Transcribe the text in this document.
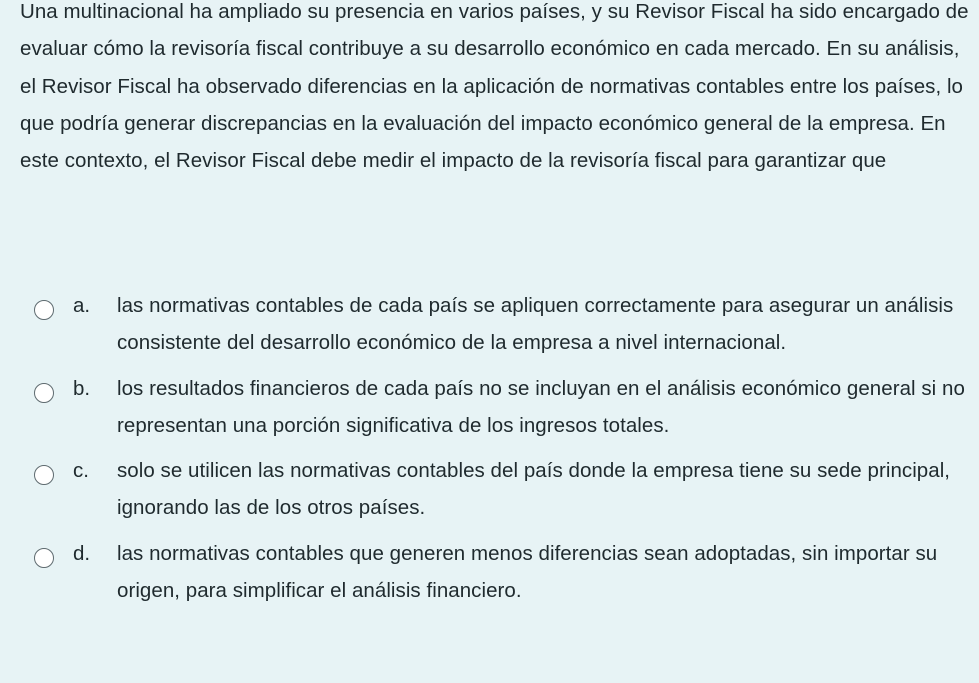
Una multinacional ha ampliado su presencia en varios países, y su Revisor Fiscal ha sido encargado de evaluar cómo la revisoría fiscal contribuye a su desarrollo económico en cada mercado. En su análisis, el Revisor Fiscal ha observado diferencias en la aplicación de normativas contables entre los países, lo que podría generar discrepancias en la evaluación del impacto económico general de la empresa. En este contexto, el Revisor Fiscal debe medir el impacto de la revisoría fiscal para garantizar que

a.	las normativas contables de cada país se apliquen correctamente para asegurar un análisis consistente del desarrollo económico de la empresa a nivel internacional.
b.	los resultados financieros de cada país no se incluyan en el análisis económico general si no representan una porción significativa de los ingresos totales.
c.	solo se utilicen las normativas contables del país donde la empresa tiene su sede principal, ignorando las de los otros países.
d.	las normativas contables que generen menos diferencias sean adoptadas, sin importar su origen, para simplificar el análisis financiero.
